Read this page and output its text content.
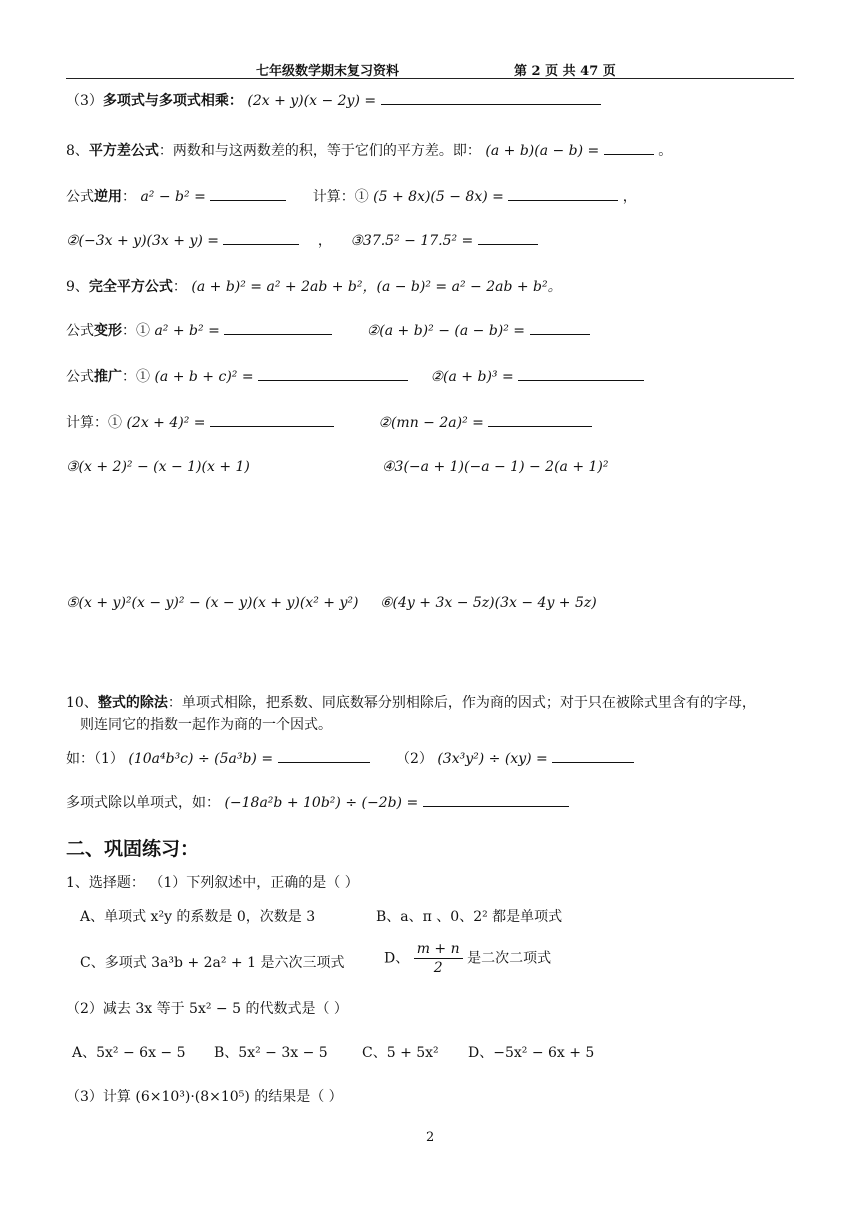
七年级数学期末复习资料	第 2 页 共 47 页
（3）多项式与多项式相乘： (2x + y)(x − 2y) =
8、平方差公式：两数和与这两数差的积，等于它们的平方差。即： (a + b)(a − b) =	。
公式逆用： a² − b² =	计算：① (5 + 8x)(5 − 8x) =	，
②(−3x + y)(3x + y) =	， ③37.5² − 17.5² =
9、完全平方公式： (a + b)² = a² + 2ab + b²，(a − b)² = a² − 2ab + b²。
公式变形：① a² + b² =	②(a + b)² − (a − b)² =
公式推广：① (a + b + c)² =	②(a + b)³ =
计算：① (2x + 4)² =	②(mn − 2a)² =
③(x + 2)² − (x − 1)(x + 1)	④3(−a + 1)(−a − 1) − 2(a + 1)²
⑤(x + y)²(x − y)² − (x − y)(x + y)(x² + y²) ⑥(4y + 3x − 5z)(3x − 4y + 5z)
10、整式的除法：单项式相除，把系数、同底数幂分别相除后，作为商的因式；对于只在被除式里含有的字母，
则连同它的指数一起作为商的一个因式。
如：（1） (10a⁴b³c) ÷ (5a³b) =	（2） (3x³y²) ÷ (xy) =
多项式除以单项式，如： (−18a²b + 10b²) ÷ (−2b) =
二、巩固练习：
1、选择题： （1）下列叙述中，正确的是（ ）
A、单项式 x²y 的系数是 0，次数是 3	B、a、π 、0、2² 都是单项式
C、多项式 3a³b + 2a² + 1 是六次三项式	D、 $\frac{m + n}{2}$ 是二次二项式
（2）减去 3x 等于 5x² − 5 的代数式是（ ）
A、5x² − 6x − 5 B、5x² − 3x − 5 C、5 + 5x² D、−5x² − 6x + 5
（3）计算 (6×10³)·(8×10⁵) 的结果是（ ）
2
